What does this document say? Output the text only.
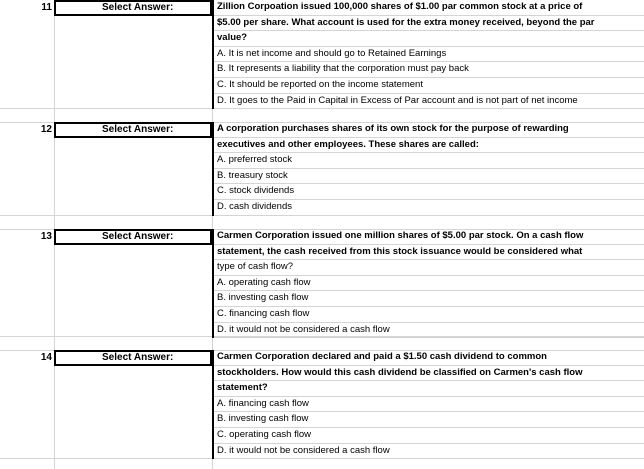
11	Select Answer:	Zillion Corpoation issued 100,000 shares of $1.00 par common stock at a price of
$5.00 per share. What account is used for the extra money received, beyond the par
value?
A. It is net income and should go to Retained Earnings
B. It represents a liability that the corporation must pay back
C. It should be reported on the income statement
D. It goes to the Paid in Capital in Excess of Par account and is not part of net income
12	Select Answer:	A corporation purchases shares of its own stock for the purpose of rewarding
executives and other employees. These shares are called:
A. preferred stock
B. treasury stock
C. stock dividends
D. cash dividends
13	Select Answer:	Carmen Corporation issued one million shares of $5.00 par stock. On a cash flow
statement, the cash received from this stock issuance would be considered what
type of cash flow?
A. operating cash flow
B. investing cash flow
C. financing cash flow
D. it would not be considered a cash flow
14	Select Answer:	Carmen Corporation declared and paid a $1.50 cash dividend to common
stockholders. How would this cash dividend be classified on Carmen's cash flow
statement?
A. financing cash flow
B. investing cash flow
C. operating cash flow
D. it would not be considered a cash flow
